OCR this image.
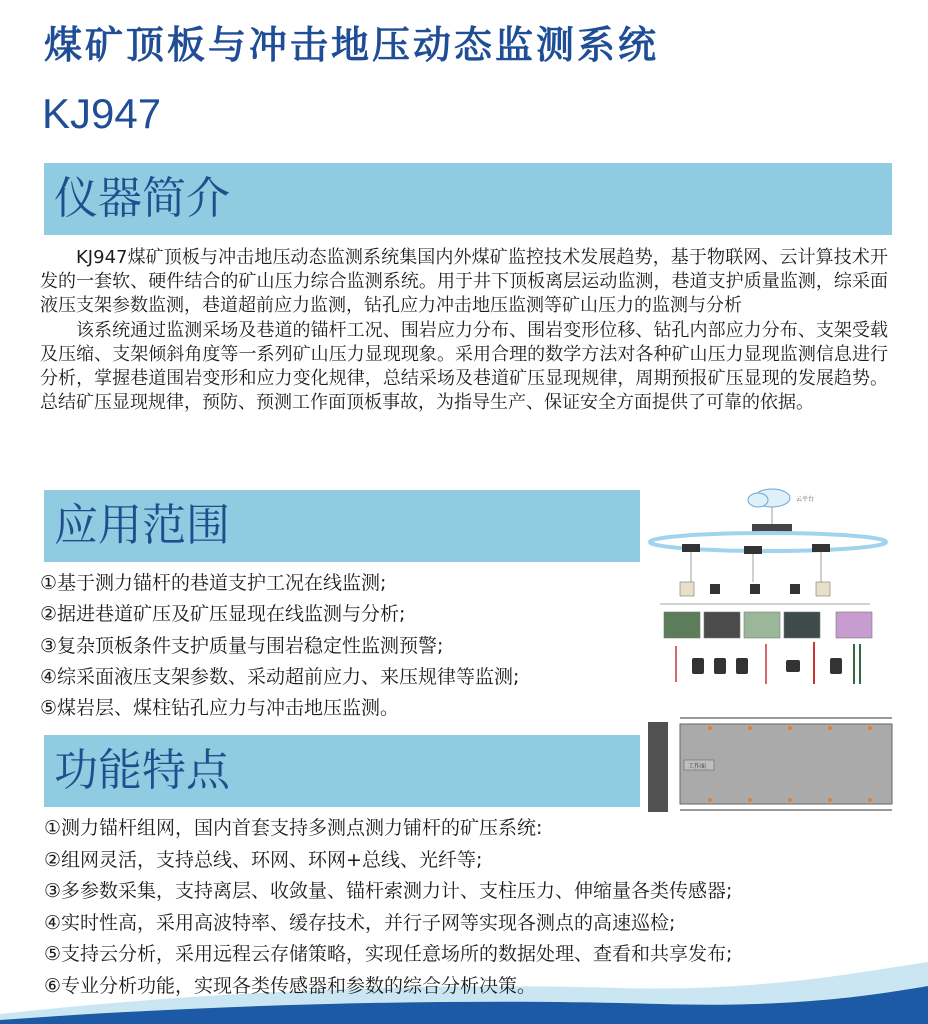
煤矿顶板与冲击地压动态监测系统
KJ947
仪器简介

KJ947煤矿顶板与冲击地压动态监测系统集国内外煤矿监控技术发展趋势，基于物联网、云计算技术开发的一套软、硬件结合的矿山压力综合监测系统。用于井下顶板离层运动监测，巷道支护质量监测，综采面液压支架参数监测，巷道超前应力监测，钻孔应力冲击地压监测等矿山压力的监测与分析

该系统通过监测采场及巷道的锚杆工况、围岩应力分布、围岩变形位移、钻孔内部应力分布、支架受载及压缩、支架倾斜角度等一系列矿山压力显现现象。采用合理的数学方法对各种矿山压力显现监测信息进行分析，掌握巷道围岩变形和应力变化规律，总结采场及巷道矿压显现规律，周期预报矿压显现的发展趋势。总结矿压显现规律，预防、预测工作面顶板事故，为指导生产、保证安全方面提供了可靠的依据。

应用范围
①基于测力锚杆的巷道支护工况在线监测;
②据进巷道矿压及矿压显现在线监测与分析;
③复杂顶板条件支护质量与围岩稳定性监测预警;
④综采面液压支架参数、采动超前应力、来压规律等监测;
⑤煤岩层、煤柱钻孔应力与冲击地压监测。
云平台
工作面
功能特点
①测力锚杆组网，国内首套支持多测点测力铺杆的矿压系统:
②组网灵活，支持总线、环网、环网+总线、光纤等;
③多参数采集，支持离层、收敛量、锚杆索测力计、支柱压力、伸缩量各类传感器;
④实时性高，采用高波特率、缓存技术，并行子网等实现各测点的高速巡检;
⑤支持云分析，采用远程云存储策略，实现任意场所的数据处理、查看和共享发布;
⑥专业分析功能，实现各类传感器和参数的综合分析决策。
